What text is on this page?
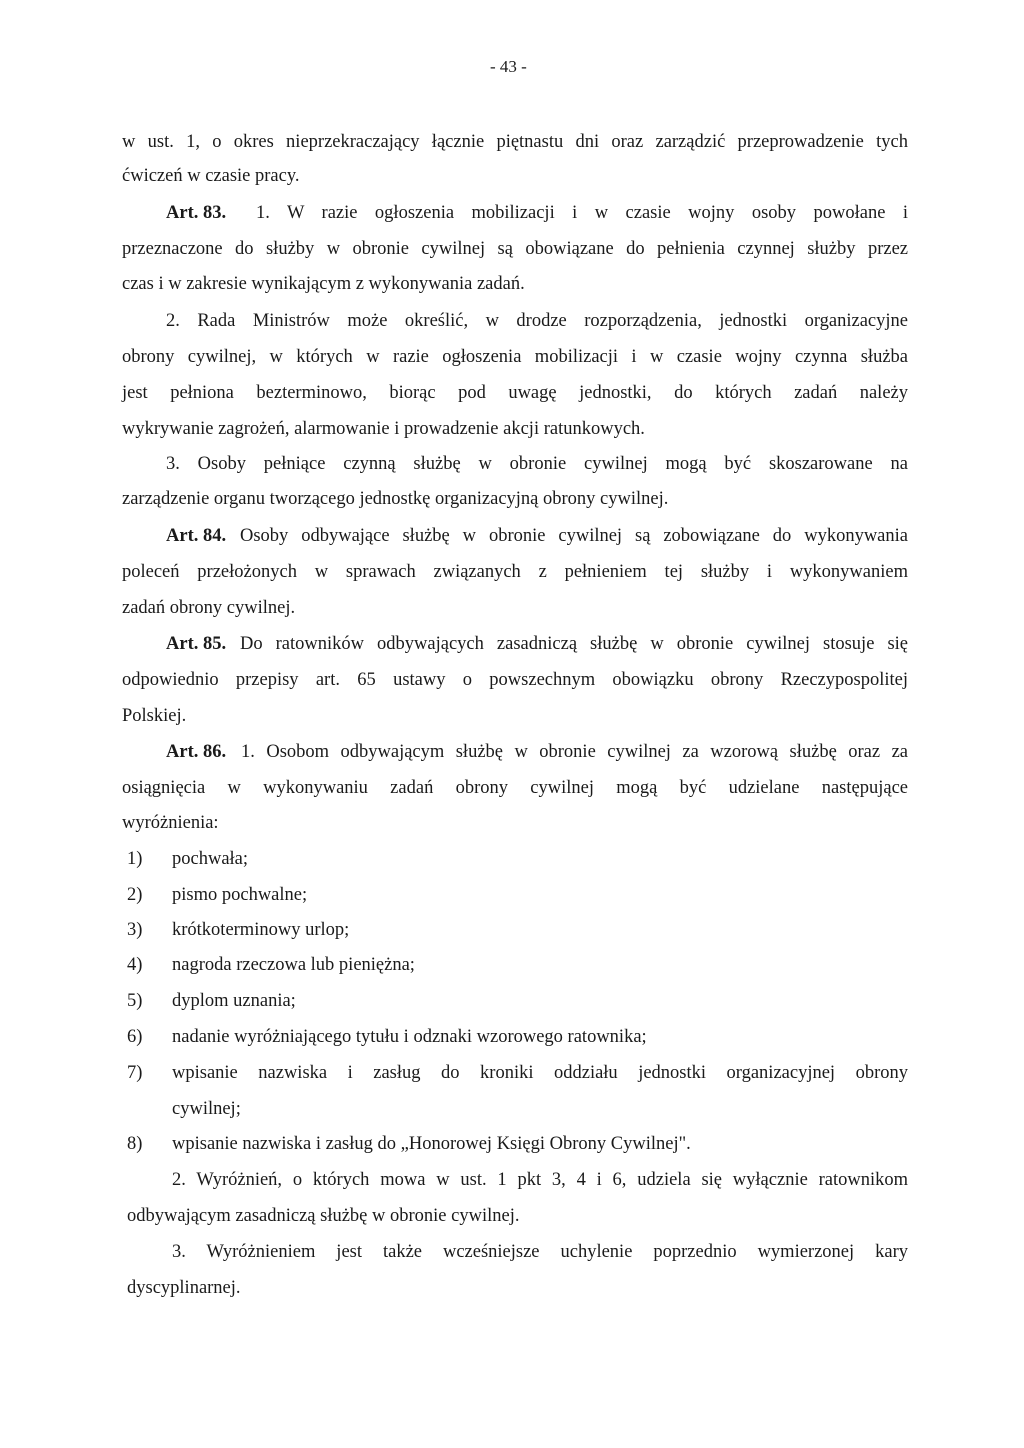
- 43 -
w ust. 1, o okres nieprzekraczający łącznie piętnastu dni oraz zarządzić przeprowadzenie tych
ćwiczeń w czasie pracy.
Art. 83. 1. W razie ogłoszenia mobilizacji i w czasie wojny osoby powołane i
przeznaczone do służby w obronie cywilnej są obowiązane do pełnienia czynnej służby przez
czas i w zakresie wynikającym z wykonywania zadań.
2. Rada Ministrów może określić, w drodze rozporządzenia, jednostki organizacyjne
obrony cywilnej, w których w razie ogłoszenia mobilizacji i w czasie wojny czynna służba
jest pełniona bezterminowo, biorąc pod uwagę jednostki, do których zadań należy
wykrywanie zagrożeń, alarmowanie i prowadzenie akcji ratunkowych.
3. Osoby pełniące czynną służbę w obronie cywilnej mogą być skoszarowane na
zarządzenie organu tworzącego jednostkę organizacyjną obrony cywilnej.
Art. 84. Osoby odbywające służbę w obronie cywilnej są zobowiązane do wykonywania
poleceń przełożonych w sprawach związanych z pełnieniem tej służby i wykonywaniem
zadań obrony cywilnej.
Art. 85. Do ratowników odbywających zasadniczą służbę w obronie cywilnej stosuje się
odpowiednio przepisy art. 65 ustawy o powszechnym obowiązku obrony Rzeczypospolitej
Polskiej.
Art. 86. 1. Osobom odbywającym służbę w obronie cywilnej za wzorową służbę oraz za
osiągnięcia w wykonywaniu zadań obrony cywilnej mogą być udzielane następujące
wyróżnienia:
1) pochwała;
2) pismo pochwalne;
3) krótkoterminowy urlop;
4) nagroda rzeczowa lub pieniężna;
5) dyplom uznania;
6) nadanie wyróżniającego tytułu i odznaki wzorowego ratownika;
7) wpisanie nazwiska i zasług do kroniki oddziału jednostki organizacyjnej obrony
cywilnej;
8) wpisanie nazwiska i zasług do „Honorowej Księgi Obrony Cywilnej".
2. Wyróżnień, o których mowa w ust. 1 pkt 3, 4 i 6, udziela się wyłącznie ratownikom
odbywającym zasadniczą służbę w obronie cywilnej.
3. Wyróżnieniem jest także wcześniejsze uchylenie poprzednio wymierzonej kary
dyscyplinarnej.
